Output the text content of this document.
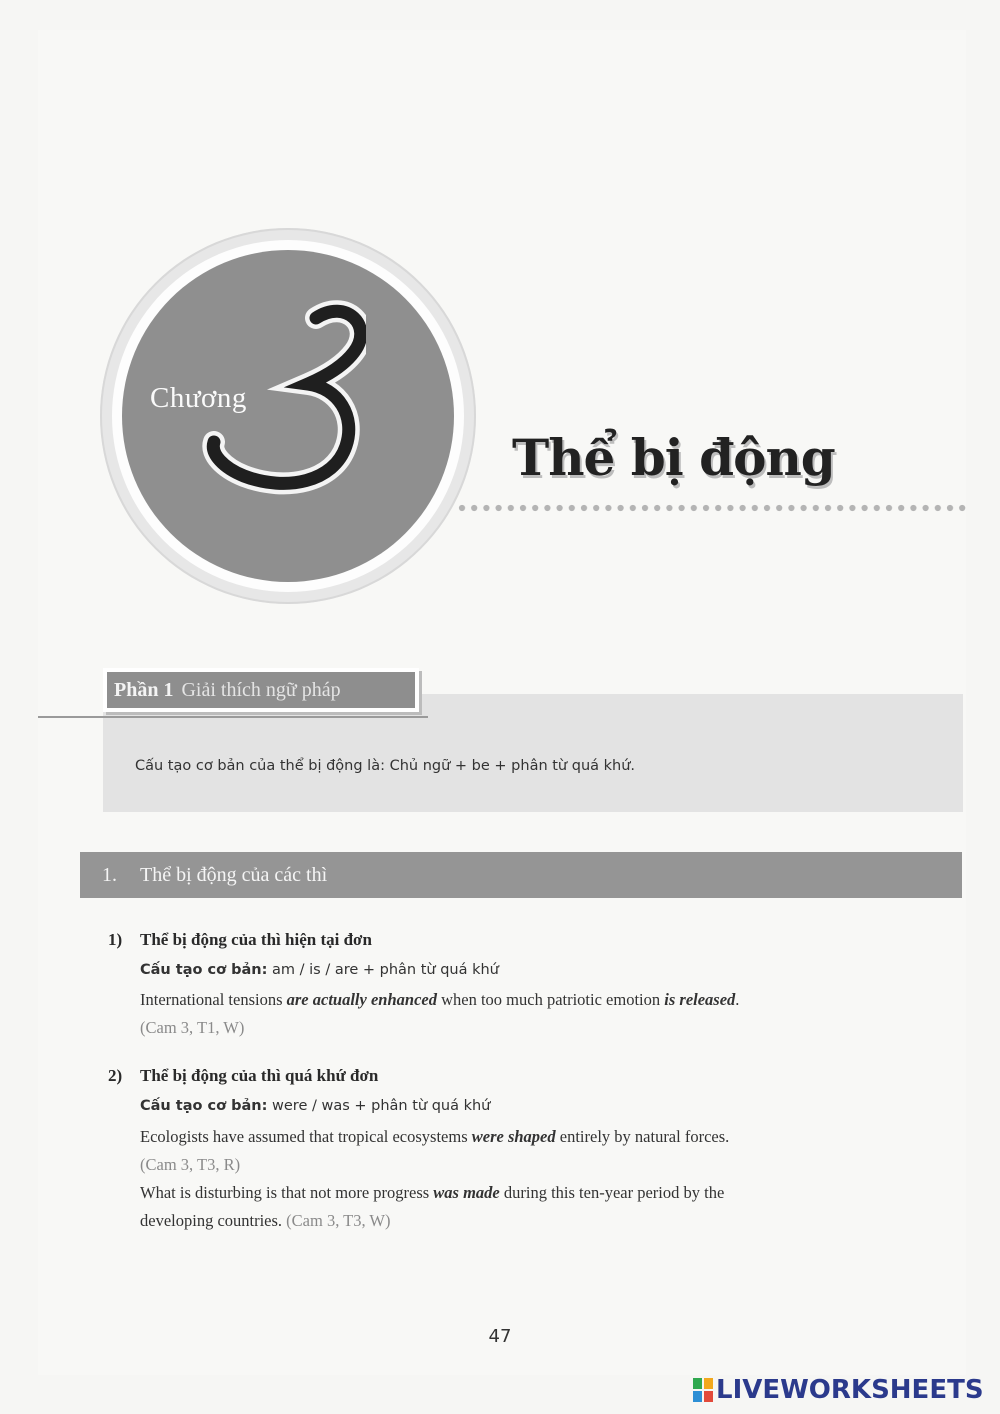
Chương
Thể bị động
Phần 1 Giải thích ngữ pháp
Cấu tạo cơ bản của thể bị động là: Chủ ngữ + be + phân từ quá khứ.
1. Thể bị động của các thì
1) Thể bị động của thì hiện tại đơn
Cấu tạo cơ bản: am / is / are + phân từ quá khứ
International tensions are actually enhanced when too much patriotic emotion is released.
(Cam 3, T1, W)
2) Thể bị động của thì quá khứ đơn
Cấu tạo cơ bản: were / was + phân từ quá khứ
Ecologists have assumed that tropical ecosystems were shaped entirely by natural forces.
(Cam 3, T3, R)
What is disturbing is that not more progress was made during this ten-year period by the
developing countries. (Cam 3, T3, W)
47
LIVEWORKSHEETS
